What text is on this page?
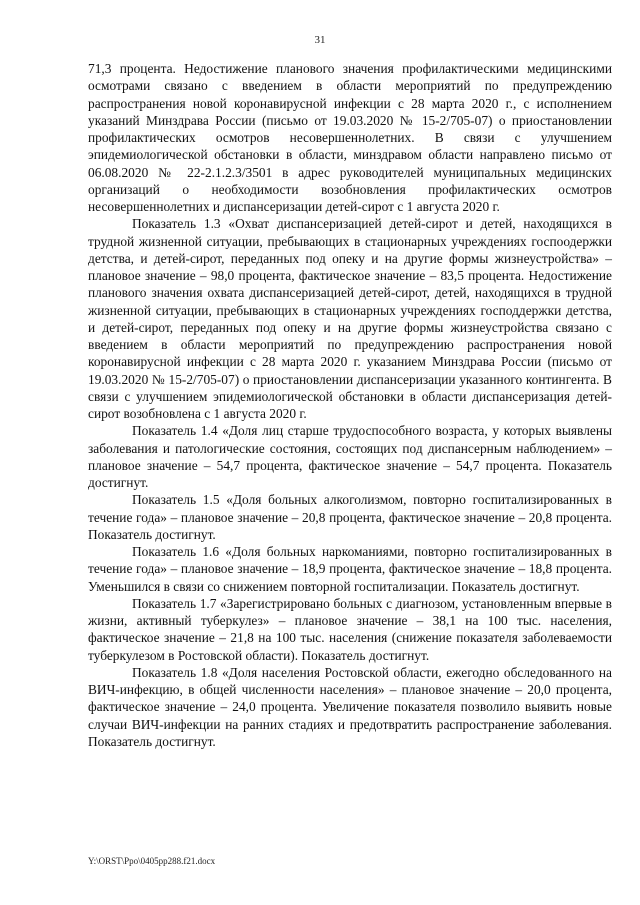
31

71,3 процента. Недостижение планового значения профилактическими медицинскими осмотрами связано с введением в области мероприятий по предупреждению распространения новой коронавирусной инфекции с 28 марта 2020 г., с исполнением указаний Минздрава России (письмо от 19.03.2020 № 15-2/705-07) о приостановлении профилактических осмотров несовершеннолетних. В связи с улучшением эпидемиологической обстановки в области, минздравом области направлено письмо от 06.08.2020 № 22-2.1.2.3/3501 в адрес руководителей муниципальных медицинских организаций о необходимости возобновления профилактических осмотров несовершеннолетних и диспансеризации детей-сирот с 1 августа 2020 г.

Показатель 1.3 «Охват диспансеризацией детей-сирот и детей, находящихся в трудной жизненной ситуации, пребывающих в стационарных учреждениях госпоодержки детства, и детей-сирот, переданных под опеку и на другие формы жизнеустройства» – плановое значение – 98,0 процента, фактическое значение – 83,5 процента. Недостижение планового значения охвата диспансеризацией детей-сирот, детей, находящихся в трудной жизненной ситуации, пребывающих в стационарных учреждениях господдержки детства, и детей-сирот, переданных под опеку и на другие формы жизнеустройства связано с введением в области мероприятий по предупреждению распространения новой коронавирусной инфекции с 28 марта 2020 г. указанием Минздрава России (письмо от 19.03.2020 № 15-2/705-07) о приостановлении диспансеризации указанного контингента. В связи с улучшением эпидемиологической обстановки в области диспансеризация детей-сирот возобновлена с 1 августа 2020 г.

Показатель 1.4 «Доля лиц старше трудоспособного возраста, у которых выявлены заболевания и патологические состояния, состоящих под диспансерным наблюдением» – плановое значение – 54,7 процента, фактическое значение – 54,7 процента. Показатель достигнут.

Показатель 1.5 «Доля больных алкоголизмом, повторно госпитализированных в течение года» – плановое значение – 20,8 процента, фактическое значение – 20,8 процента. Показатель достигнут.

Показатель 1.6 «Доля больных наркоманиями, повторно госпитализированных в течение года» – плановое значение – 18,9 процента, фактическое значение – 18,8 процента. Уменьшился в связи со снижением повторной госпитализации. Показатель достигнут.

Показатель 1.7 «Зарегистрировано больных с диагнозом, установленным впервые в жизни, активный туберкулез» – плановое значение – 38,1 на 100 тыс. населения, фактическое значение – 21,8 на 100 тыс. населения (снижение показателя заболеваемости туберкулезом в Ростовской области). Показатель достигнут.

Показатель 1.8 «Доля населения Ростовской области, ежегодно обследованного на ВИЧ-инфекцию, в общей численности населения» – плановое значение – 20,0 процента, фактическое значение – 24,0 процента. Увеличение показателя позволило выявить новые случаи ВИЧ-инфекции на ранних стадиях и предотвратить распространение заболевания. Показатель достигнут.

Y:\ORST\Ppo\0405pp288.f21.docx
